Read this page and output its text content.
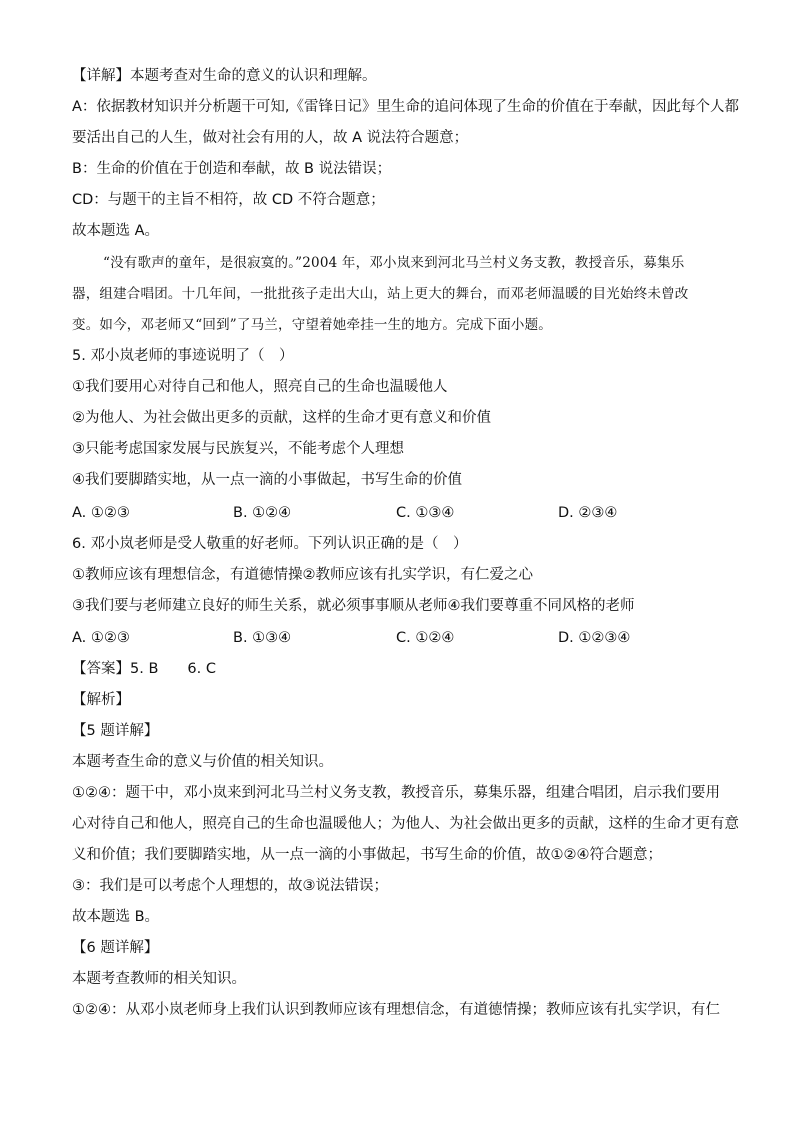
【详解】本题考查对生命的意义的认识和理解。
A：依据教材知识并分析题干可知,《雷锋日记》里生命的追问体现了生命的价值在于奉献，因此每个人都
要活出自己的人生，做对社会有用的人，故 A 说法符合题意；
B：生命的价值在于创造和奉献，故 B 说法错误；
CD：与题干的主旨不相符，故 CD 不符合题意；
故本题选 A。
“没有歌声的童年，是很寂寞的。”2004 年，邓小岚来到河北马兰村义务支教，教授音乐，募集乐
器，组建合唱团。十几年间，一批批孩子走出大山，站上更大的舞台，而邓老师温暖的目光始终未曾改
变。如今，邓老师又“回到”了马兰，守望着她牵挂一生的地方。完成下面小题。
5. 邓小岚老师的事迹说明了（　）
①我们要用心对待自己和他人，照亮自己的生命也温暖他人
②为他人、为社会做出更多的贡献，这样的生命才更有意义和价值
③只能考虑国家发展与民族复兴，不能考虑个人理想
④我们要脚踏实地，从一点一滴的小事做起，书写生命的价值
A. ①②③	B. ①②④	C. ①③④	D. ②③④
6. 邓小岚老师是受人敬重的好老师。下列认识正确的是（　）
①教师应该有理想信念，有道德情操②教师应该有扎实学识，有仁爱之心
③我们要与老师建立良好的师生关系，就必须事事顺从老师④我们要尊重不同风格的老师
A. ①②③	B. ①③④	C. ①②④	D. ①②③④
【答案】5. B　　6. C
【解析】
【5 题详解】
本题考查生命的意义与价值的相关知识。
①②④：题干中，邓小岚来到河北马兰村义务支教，教授音乐，募集乐器，组建合唱团，启示我们要用
心对待自己和他人，照亮自己的生命也温暖他人；为他人、为社会做出更多的贡献，这样的生命才更有意
义和价值；我们要脚踏实地，从一点一滴的小事做起，书写生命的价值，故①②④符合题意；
③：我们是可以考虑个人理想的，故③说法错误；
故本题选 B。
【6 题详解】
本题考查教师的相关知识。
①②④：从邓小岚老师身上我们认识到教师应该有理想信念，有道德情操；教师应该有扎实学识，有仁
